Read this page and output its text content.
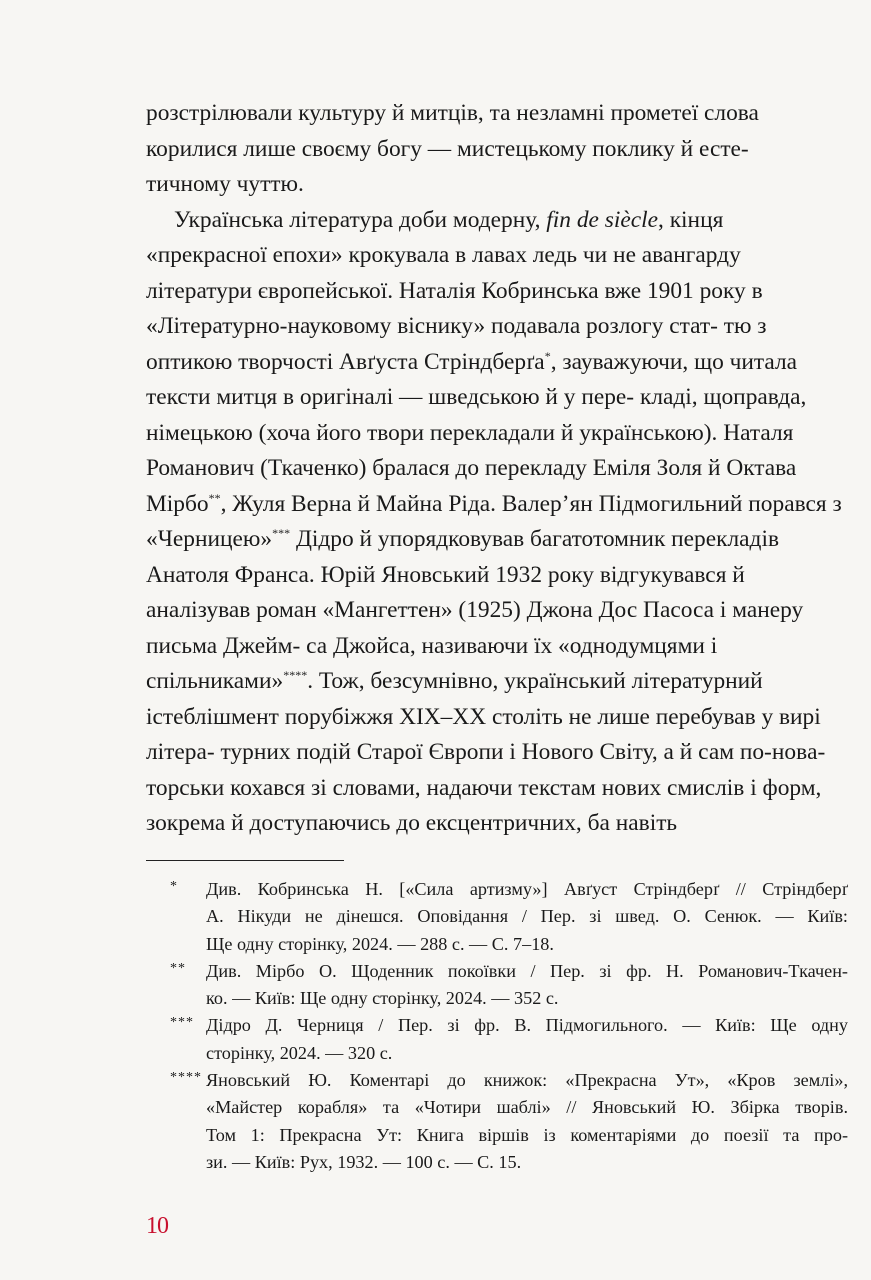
розстрілювали культуру й митців, та незламні прометеї слова корилися лише своєму богу — мистецькому поклику й есте-
тичному чуттю.
Українська література доби модерну, fin de siècle, кінця «прекрасної епохи» крокувала в лавах ледь чи не авангарду літератури європейської. Наталія Кобринська вже 1901 року в «Літературно-науковому віснику» подавала розлогу стат- тю з оптикою творчості Авґуста Стріндберґа*, зауважуючи, що читала тексти митця в оригіналі — шведською й у пере- кладі, щоправда, німецькою (хоча його твори перекладали й українською). Наталя Романович (Ткаченко) бралася до перекладу Еміля Золя й Октава Мірбо**, Жуля Верна й Майна Ріда. Валер’ян Підмогильний порався з «Черницею»*** Дідро й упорядковував багатотомник перекладів Анатоля Франса. Юрій Яновський 1932 року відгукувався й аналізував роман «Мангеттен» (1925) Джона Дос Пасоса і манеру письма Джейм- са Джойса, називаючи їх «однодумцями і спільниками»****. Тож, безсумнівно, український літературний істеблішмент порубіжжя XIX–XX століть не лише перебував у вирі літера- турних подій Старої Європи і Нового Світу, а й сам по-новa- торськи кохався зі словами, надаючи текстам нових смислів і форм, зокрема й доступаючись до ексцентричних, ба навіть
* Див. Кобринська Н. [«Сила артизму»] Авґуст Стріндберґ // Стріндберґ
А. Нікуди не дінешся. Оповідання / Пер. зі швед. О. Сенюк. — Київ:
Ще одну сторінку, 2024. — 288 с. — С. 7–18.
** Див. Мірбо О. Щоденник покоївки / Пер. зі фр. Н. Романович-Ткачен-
ко. — Київ: Ще одну сторінку, 2024. — 352 с.
*** Дідро Д. Черниця / Пер. зі фр. В. Підмогильного. — Київ: Ще одну
сторінку, 2024. — 320 с.
**** Яновський Ю. Коментарі до книжок: «Прекрасна Ут», «Кров землі»,
«Майстер корабля» та «Чотири шаблі» // Яновський Ю. Збірка творів.
Том 1: Прекрасна Ут: Книга віршів із коментаріями до поезії та про-
зи. — Київ: Рух, 1932. — 100 с. — С. 15.
10
